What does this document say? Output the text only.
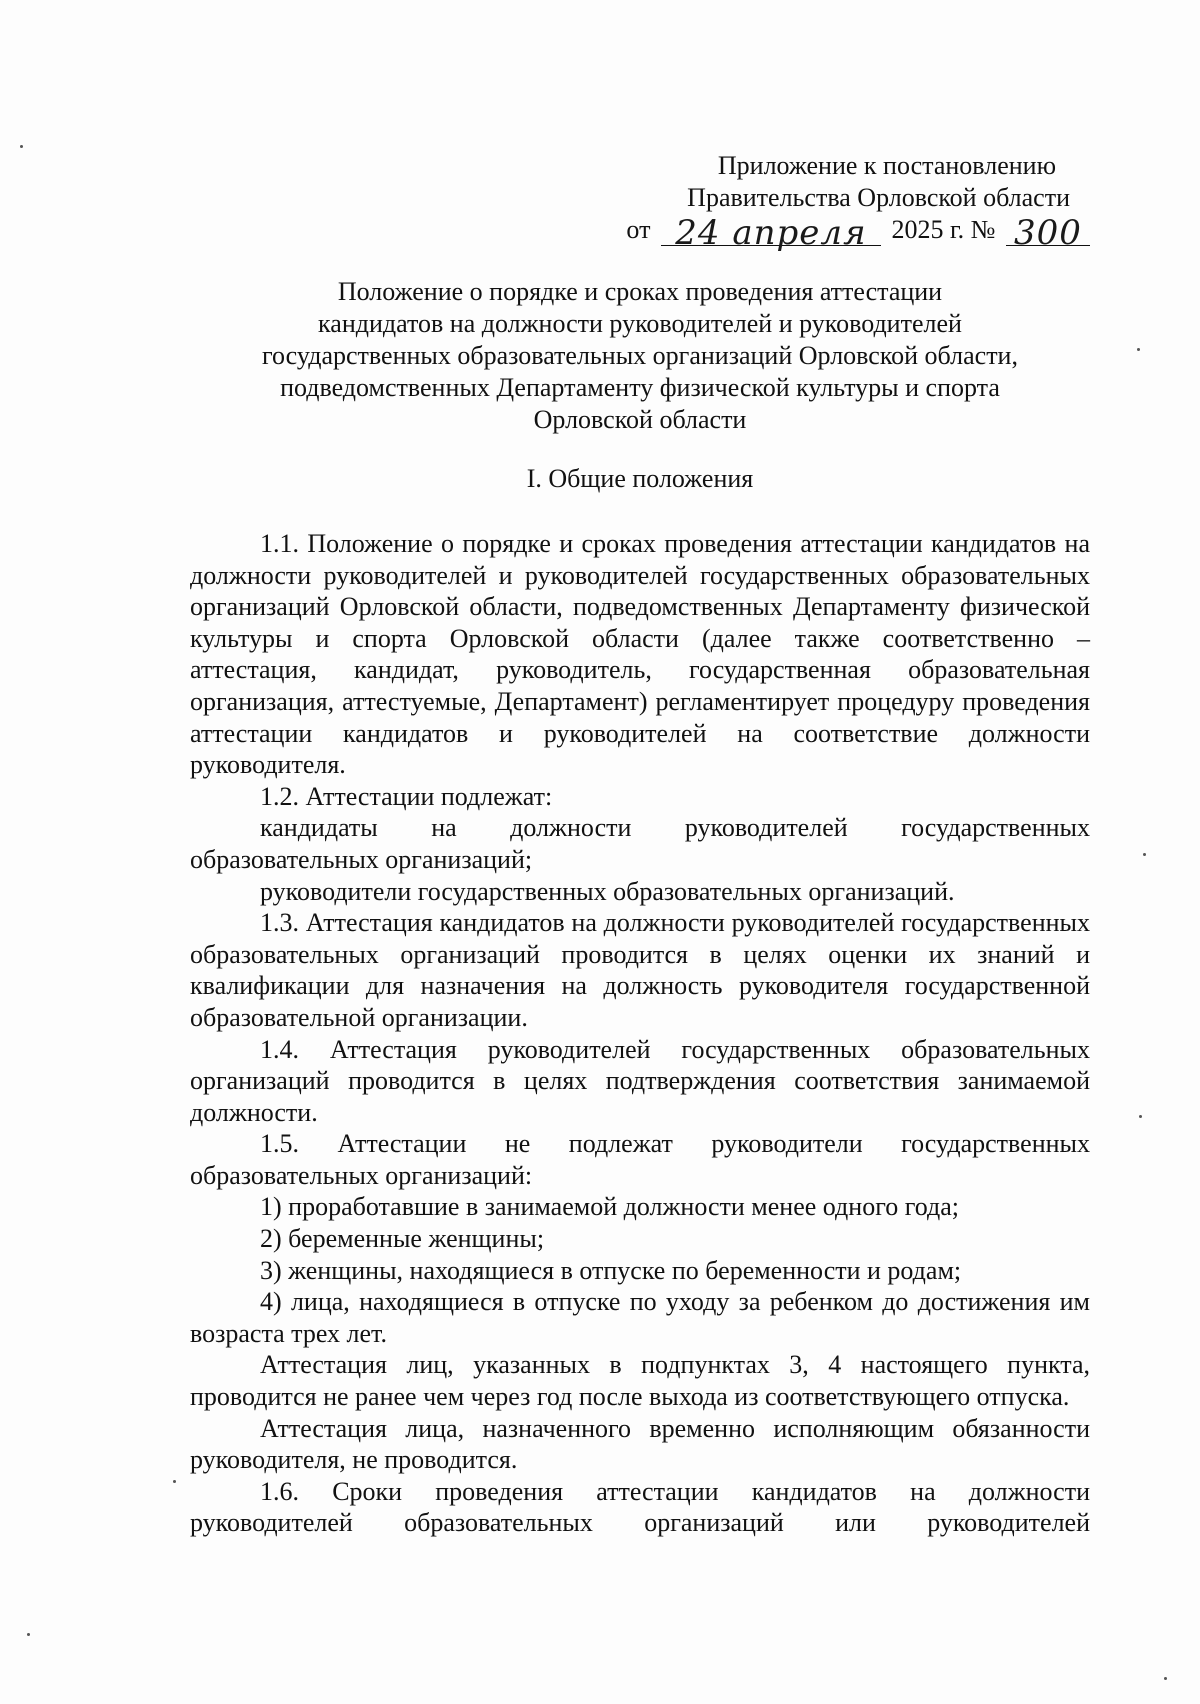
Приложение к постановлению
Правительства Орловской области
от 24 апреля 2025 г. № 300
Положение о порядке и сроках проведения аттестации
кандидатов на должности руководителей и руководителей
государственных образовательных организаций Орловской области,
подведомственных Департаменту физической культуры и спорта
Орловской области
I. Общие положения

1.1. Положение о порядке и сроках проведения аттестации кандидатов на должности руководителей и руководителей государственных образовательных организаций Орловской области, подведомственных Департаменту физической культуры и спорта Орловской области (далее также соответственно – аттестация, кандидат, руководитель, государственная образовательная организация, аттестуемые, Департамент) регламентирует процедуру проведения аттестации кандидатов и руководителей на соответствие должности руководителя.

1.2. Аттестации подлежат:

кандидаты на должности руководителей государственных образовательных организаций;

руководители государственных образовательных организаций.

1.3. Аттестация кандидатов на должности руководителей государственных образовательных организаций проводится в целях оценки их знаний и квалификации для назначения на должность руководителя государственной образовательной организации.

1.4. Аттестация руководителей государственных образовательных организаций проводится в целях подтверждения соответствия занимаемой должности.

1.5. Аттестации не подлежат руководители государственных образовательных организаций:

1) проработавшие в занимаемой должности менее одного года;

2) беременные женщины;

3) женщины, находящиеся в отпуске по беременности и родам;

4) лица, находящиеся в отпуске по уходу за ребенком до достижения им возраста трех лет.

Аттестация лиц, указанных в подпунктах 3, 4 настоящего пункта, проводится не ранее чем через год после выхода из соответствующего отпуска.

Аттестация лица, назначенного временно исполняющим обязанности руководителя, не проводится.

1.6. Сроки проведения аттестации кандидатов на должности руководителей образовательных организаций или руководителей
